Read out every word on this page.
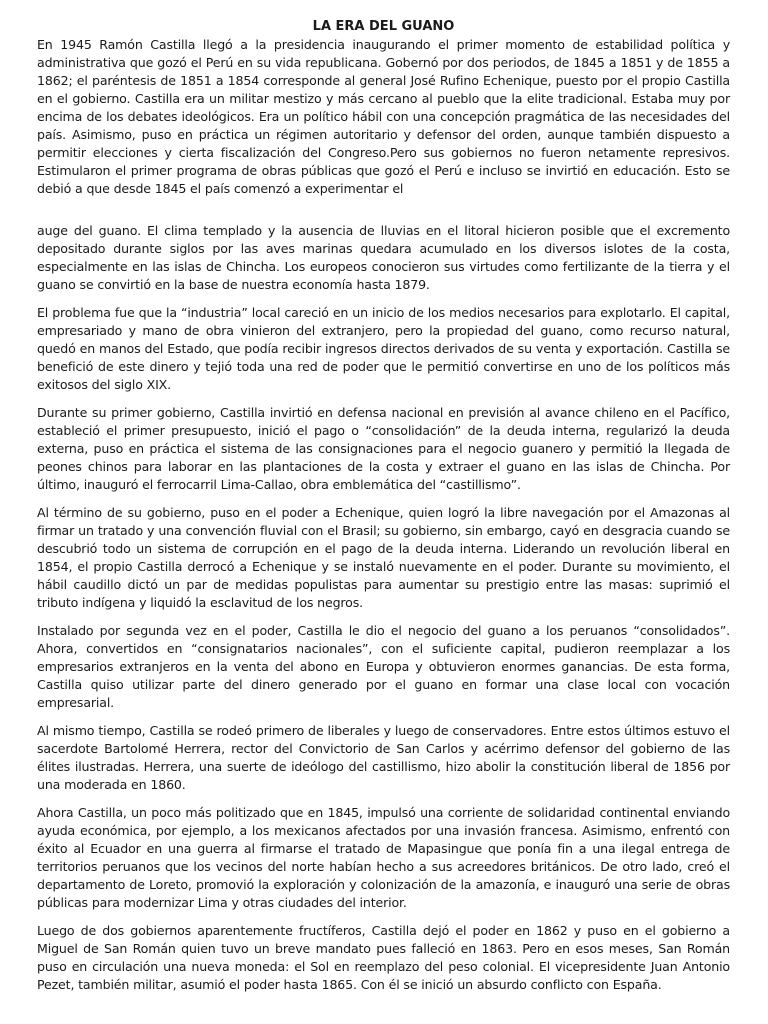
LA ERA DEL GUANO

En 1945 Ramón Castilla llegó a la presidencia inaugurando el primer momento de estabilidad política y administrativa que gozó el Perú en su vida republicana. Gobernó por dos periodos, de 1845 a 1851 y de 1855 a 1862; el paréntesis de 1851 a 1854 corresponde al general José Rufino Echenique, puesto por el propio Castilla en el gobierno. Castilla era un militar mestizo y más cercano al pueblo que la elite tradicional. Estaba muy por encima de los debates ideológicos. Era un político hábil con una concepción pragmática de las necesidades del país. Asimismo, puso en práctica un régimen autoritario y defensor del orden, aunque también dispuesto a permitir elecciones y cierta fiscalización del Congreso.Pero sus gobiernos no fueron netamente represivos. Estimularon el primer programa de obras públicas que gozó el Perú e incluso se invirtió en educación. Esto se debió a que desde 1845 el país comenzó a experimentar el

auge del guano. El clima templado y la ausencia de lluvias en el litoral hicieron posible que el excremento depositado durante siglos por las aves marinas quedara acumulado en los diversos islotes de la costa, especialmente en las islas de Chincha. Los europeos conocieron sus virtudes como fertilizante de la tierra y el guano se convirtió en la base de nuestra economía hasta 1879.

El problema fue que la “industria” local careció en un inicio de los medios necesarios para explotarlo. El capital, empresariado y mano de obra vinieron del extranjero, pero la propiedad del guano, como recurso natural, quedó en manos del Estado, que podía recibir ingresos directos derivados de su venta y exportación. Castilla se benefició de este dinero y tejió toda una red de poder que le permitió convertirse en uno de los políticos más exitosos del siglo XIX.

Durante su primer gobierno, Castilla invirtió en defensa nacional en previsión al avance chileno en el Pacífico, estableció el primer presupuesto, inició el pago o “consolidación” de la deuda interna, regularizó la deuda externa, puso en práctica el sistema de las consignaciones para el negocio guanero y permitió la llegada de peones chinos para laborar en las plantaciones de la costa y extraer el guano en las islas de Chincha. Por último, inauguró el ferrocarril Lima-Callao, obra emblemática del “castillismo”.

Al término de su gobierno, puso en el poder a Echenique, quien logró la libre navegación por el Amazonas al firmar un tratado y una convención fluvial con el Brasil; su gobierno, sin embargo, cayó en desgracia cuando se descubrió todo un sistema de corrupción en el pago de la deuda interna. Liderando un revolución liberal en 1854, el propio Castilla derrocó a Echenique y se instaló nuevamente en el poder. Durante su movimiento, el hábil caudillo dictó un par de medidas populistas para aumentar su prestigio entre las masas: suprimió el tributo indígena y liquidó la esclavitud de los negros.

Instalado por segunda vez en el poder, Castilla le dio el negocio del guano a los peruanos “consolidados”. Ahora, convertidos en “consignatarios nacionales”, con el suficiente capital, pudieron reemplazar a los empresarios extranjeros en la venta del abono en Europa y obtuvieron enormes ganancias. De esta forma, Castilla quiso utilizar parte del dinero generado por el guano en formar una clase local con vocación empresarial.

Al mismo tiempo, Castilla se rodeó primero de liberales y luego de conservadores. Entre estos últimos estuvo el sacerdote Bartolomé Herrera, rector del Convictorio de San Carlos y acérrimo defensor del gobierno de las élites ilustradas. Herrera, una suerte de ideólogo del castillismo, hizo abolir la constitución liberal de 1856 por una moderada en 1860.

Ahora Castilla, un poco más politizado que en 1845, impulsó una corriente de solidaridad continental enviando ayuda económica, por ejemplo, a los mexicanos afectados por una invasión francesa. Asimismo, enfrentó con éxito al Ecuador en una guerra al firmarse el tratado de Mapasingue que ponía fin a una ilegal entrega de territorios peruanos que los vecinos del norte habían hecho a sus acreedores británicos. De otro lado, creó el departamento de Loreto, promovió la exploración y colonización de la amazonía, e inauguró una serie de obras públicas para modernizar Lima y otras ciudades del interior.

Luego de dos gobiernos aparentemente fructíferos, Castilla dejó el poder en 1862 y puso en el gobierno a Miguel de San Román quien tuvo un breve mandato pues falleció en 1863. Pero en esos meses, San Román puso en circulación una nueva moneda: el Sol en reemplazo del peso colonial. El vicepresidente Juan Antonio Pezet, también militar, asumió el poder hasta 1865. Con él se inició un absurdo conflicto con España.
